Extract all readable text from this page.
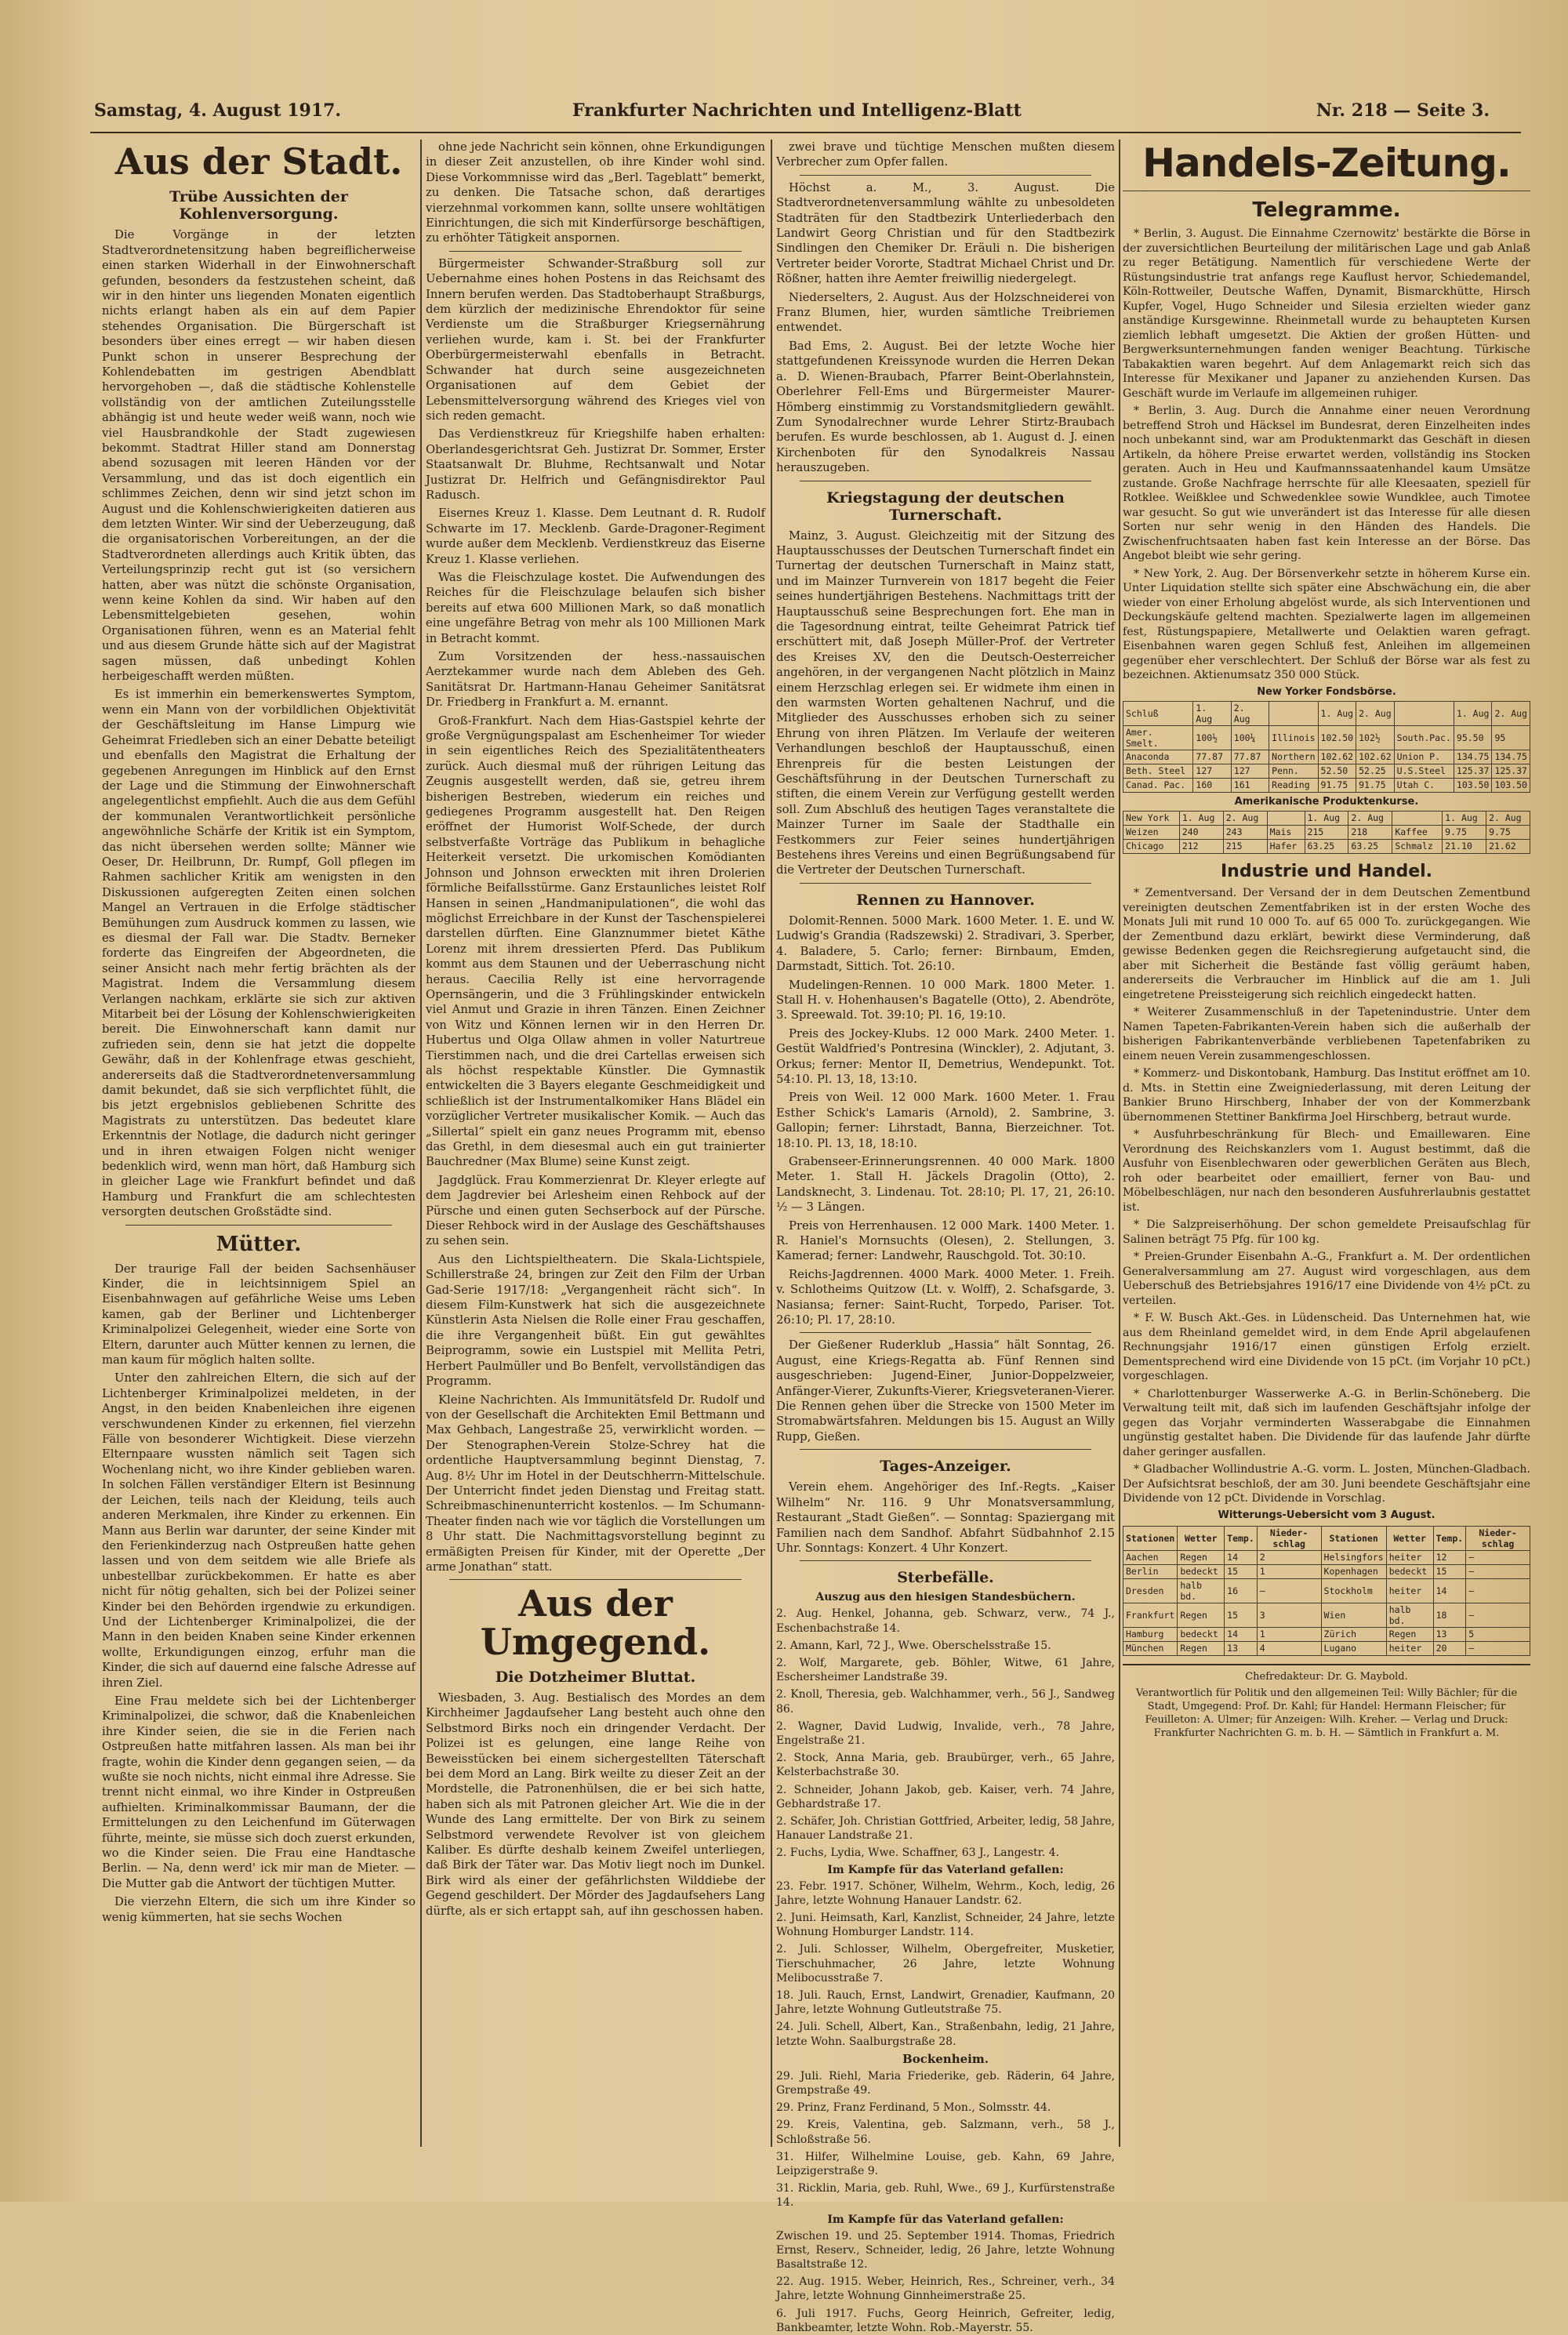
Samstag, 4. August 1917.	Frankfurter Nachrichten und Intelligenz-Blatt	Nr. 218 — Seite 3.
Aus der Stadt.
Trübe Aussichten der Kohlenversorgung.

Die Vorgänge in der letzten Stadtverordnetensitzung haben begreiflicherweise einen starken Widerhall in der Einwohnerschaft gefunden, besonders da festzustehen scheint, daß wir in den hinter uns liegenden Monaten eigentlich nichts erlangt haben als ein auf dem Papier stehendes Organisation. Die Bürgerschaft ist besonders über eines erregt — wir haben diesen Punkt schon in unserer Besprechung der Kohlendebatten im gestrigen Abendblatt hervorgehoben —, daß die städtische Kohlenstelle vollständig von der amtlichen Zuteilungsstelle abhängig ist und heute weder weiß wann, noch wie viel Hausbrandkohle der Stadt zugewiesen bekommt. Stadtrat Hiller stand am Donnerstag abend sozusagen mit leeren Händen vor der Versammlung, und das ist doch eigentlich ein schlimmes Zeichen, denn wir sind jetzt schon im August und die Kohlenschwierigkeiten datieren aus dem letzten Winter. Wir sind der Ueberzeugung, daß die organisatorischen Vorbereitungen, an der die Stadtverordneten allerdings auch Kritik übten, das Verteilungsprinzip recht gut ist (so versichern hatten, aber was nützt die schönste Organisation, wenn keine Kohlen da sind. Wir haben auf den Lebensmittelgebieten gesehen, wohin Organisationen führen, wenn es an Material fehlt und aus diesem Grunde hätte sich auf der Magistrat sagen müssen, daß unbedingt Kohlen herbeigeschafft werden müßten.

Es ist immerhin ein bemerkenswertes Symptom, wenn ein Mann von der vorbildlichen Objektivität der Geschäftsleitung im Hanse Limpurg wie Geheimrat Friedleben sich an einer Debatte beteiligt und ebenfalls den Magistrat die Erhaltung der gegebenen Anregungen im Hinblick auf den Ernst der Lage und die Stimmung der Einwohnerschaft angelegentlichst empfiehlt. Auch die aus dem Gefühl der kommunalen Verantwortlichkeit persönliche angewöhnliche Schärfe der Kritik ist ein Symptom, das nicht übersehen werden sollte; Männer wie Oeser, Dr. Heilbrunn, Dr. Rumpf, Goll pflegen im Rahmen sachlicher Kritik am wenigsten in den Diskussionen aufgeregten Zeiten einen solchen Mangel an Vertrauen in die Erfolge städtischer Bemühungen zum Ausdruck kommen zu lassen, wie es diesmal der Fall war. Die Stadtv. Berneker forderte das Eingreifen der Abgeordneten, die seiner Ansicht nach mehr fertig brächten als der Magistrat. Indem die Versammlung diesem Verlangen nachkam, erklärte sie sich zur aktiven Mitarbeit bei der Lösung der Kohlenschwierigkeiten bereit. Die Einwohnerschaft kann damit nur zufrieden sein, denn sie hat jetzt die doppelte Gewähr, daß in der Kohlenfrage etwas geschieht, andererseits daß die Stadtverordnetenversammlung damit bekundet, daß sie sich verpflichtet fühlt, die bis jetzt ergebnislos gebliebenen Schritte des Magistrats zu unterstützen. Das bedeutet klare Erkenntnis der Notlage, die dadurch nicht geringer und in ihren etwaigen Folgen nicht weniger bedenklich wird, wenn man hört, daß Hamburg sich in gleicher Lage wie Frankfurt befindet und daß Hamburg und Frankfurt die am schlechtesten versorgten deutschen Großstädte sind.

Mütter.

Der traurige Fall der beiden Sachsenhäuser Kinder, die in leichtsinnigem Spiel an Eisenbahnwagen auf gefährliche Weise ums Leben kamen, gab der Berliner und Lichtenberger Kriminalpolizei Gelegenheit, wieder eine Sorte von Eltern, darunter auch Mütter kennen zu lernen, die man kaum für möglich halten sollte.

Unter den zahlreichen Eltern, die sich auf der Lichtenberger Kriminalpolizei meldeten, in der Angst, in den beiden Knabenleichen ihre eigenen verschwundenen Kinder zu erkennen, fiel vierzehn Fälle von besonderer Wichtigkeit. Diese vierzehn Elternpaare wussten nämlich seit Tagen sich Wochenlang nicht, wo ihre Kinder geblieben waren. In solchen Fällen verständiger Eltern ist Besinnung der Leichen, teils nach der Kleidung, teils auch anderen Merkmalen, ihre Kinder zu erkennen. Ein Mann aus Berlin war darunter, der seine Kinder mit den Ferienkinderzug nach Ostpreußen hatte gehen lassen und von dem seitdem wie alle Briefe als unbestellbar zurückbekommen. Er hatte es aber nicht für nötig gehalten, sich bei der Polizei seiner Kinder bei den Behörden irgendwie zu erkundigen. Und der Lichtenberger Kriminalpolizei, die der Mann in den beiden Knaben seine Kinder erkennen wollte, Erkundigungen einzog, erfuhr man die Kinder, die sich auf dauernd eine falsche Adresse auf ihren Ziel.

Eine Frau meldete sich bei der Lichtenberger Kriminalpolizei, die schwor, daß die Knabenleichen ihre Kinder seien, die sie in die Ferien nach Ostpreußen hatte mitfahren lassen. Als man bei ihr fragte, wohin die Kinder denn gegangen seien, — da wußte sie noch nichts, nicht einmal ihre Adresse. Sie trennt nicht einmal, wo ihre Kinder in Ostpreußen aufhielten. Kriminalkommissar Baumann, der die Ermittelungen zu den Leichenfund im Güterwagen führte, meinte, sie müsse sich doch zuerst erkunden, wo die Kinder seien. Die Frau eine Handtasche Berlin. — Na, denn werd' ick mir man de Mieter. — Die Mutter gab die Antwort der tüchtigen Mutter.

Die vierzehn Eltern, die sich um ihre Kinder so wenig kümmerten, hat sie sechs Wochen

ohne jede Nachricht sein können, ohne Erkundigungen in dieser Zeit anzustellen, ob ihre Kinder wohl sind. Diese Vorkommnisse wird das „Berl. Tageblatt“ bemerkt, zu denken. Die Tatsache schon, daß derartiges vierzehnmal vorkommen kann, sollte unsere wohltätigen Einrichtungen, die sich mit Kinderfürsorge beschäftigen, zu erhöhter Tätigkeit anspornen.

Bürgermeister Schwander-Straßburg soll zur Uebernahme eines hohen Postens in das Reichsamt des Innern berufen werden. Das Stadtoberhaupt Straßburgs, dem kürzlich der medizinische Ehrendoktor für seine Verdienste um die Straßburger Kriegsernährung verliehen wurde, kam i. St. bei der Frankfurter Oberbürgermeisterwahl ebenfalls in Betracht. Schwander hat durch seine ausgezeichneten Organisationen auf dem Gebiet der Lebensmittelversorgung während des Krieges viel von sich reden gemacht.

Das Verdienstkreuz für Kriegshilfe haben erhalten: Oberlandesgerichtsrat Geh. Justizrat Dr. Sommer, Erster Staatsanwalt Dr. Bluhme, Rechtsanwalt und Notar Justizrat Dr. Helfrich und Gefängnisdirektor Paul Radusch.

Eisernes Kreuz 1. Klasse. Dem Leutnant d. R. Rudolf Schwarte im 17. Mecklenb. Garde-Dragoner-Regiment wurde außer dem Mecklenb. Verdienstkreuz das Eiserne Kreuz 1. Klasse verliehen.

Was die Fleischzulage kostet. Die Aufwendungen des Reiches für die Fleischzulage belaufen sich bisher bereits auf etwa 600 Millionen Mark, so daß monatlich eine ungefähre Betrag von mehr als 100 Millionen Mark in Betracht kommt.

Zum Vorsitzenden der hess.-nassauischen Aerztekammer wurde nach dem Ableben des Geh. Sanitätsrat Dr. Hartmann-Hanau Geheimer Sanitätsrat Dr. Friedberg in Frankfurt a. M. ernannt.

Groß-Frankfurt. Nach dem Hias-Gastspiel kehrte der große Vergnügungspalast am Eschenheimer Tor wieder in sein eigentliches Reich des Spezialitätentheaters zurück. Auch diesmal muß der rührigen Leitung das Zeugnis ausgestellt werden, daß sie, getreu ihrem bisherigen Bestreben, wiederum ein reiches und gediegenes Programm ausgestellt hat. Den Reigen eröffnet der Humorist Wolf-Schede, der durch selbstverfaßte Vorträge das Publikum in behagliche Heiterkeit versetzt. Die urkomischen Komödianten Johnson und Johnson erweckten mit ihren Drolerien förmliche Beifallsstürme. Ganz Erstaunliches leistet Rolf Hansen in seinen „Handmanipulationen“, die wohl das möglichst Erreichbare in der Kunst der Taschenspielerei darstellen dürften. Eine Glanznummer bietet Käthe Lorenz mit ihrem dressierten Pferd. Das Publikum kommt aus dem Staunen und der Ueberraschung nicht heraus. Caecilia Relly ist eine hervorragende Opernsängerin, und die 3 Frühlingskinder entwickeln viel Anmut und Grazie in ihren Tänzen. Einen Zeichner von Witz und Können lernen wir in den Herren Dr. Hubertus und Olga Ollaw ahmen in voller Naturtreue Tierstimmen nach, und die drei Cartellas erweisen sich als höchst respektable Künstler. Die Gymnastik entwickelten die 3 Bayers elegante Geschmeidigkeit und schließlich ist der Instrumentalkomiker Hans Blädel ein vorzüglicher Vertreter musikalischer Komik. — Auch das „Sillertal“ spielt ein ganz neues Programm mit, ebenso das Grethl, in dem diesesmal auch ein gut trainierter Bauchredner (Max Blume) seine Kunst zeigt.

Jagdglück. Frau Kommerzienrat Dr. Kleyer erlegte auf dem Jagdrevier bei Arlesheim einen Rehbock auf der Pürsche und einen guten Sechserbock auf der Pürsche. Dieser Rehbock wird in der Auslage des Geschäftshauses zu sehen sein.

Aus den Lichtspieltheatern. Die Skala-Lichtspiele, Schillerstraße 24, bringen zur Zeit den Film der Urban Gad-Serie 1917/18: „Vergangenheit rächt sich“. In diesem Film-Kunstwerk hat sich die ausgezeichnete Künstlerin Asta Nielsen die Rolle einer Frau geschaffen, die ihre Vergangenheit büßt. Ein gut gewähltes Beiprogramm, sowie ein Lustspiel mit Mellita Petri, Herbert Paulmüller und Bo Benfelt, vervollständigen das Programm.

Kleine Nachrichten. Als Immunitätsfeld Dr. Rudolf und von der Gesellschaft die Architekten Emil Bettmann und Max Gehbach, Langestraße 25, verwirklicht worden. — Der Stenographen-Verein Stolze-Schrey hat die ordentliche Hauptversammlung beginnt Dienstag, 7. Aug. 8½ Uhr im Hotel in der Deutschherrn-Mittelschule. Der Unterricht findet jeden Dienstag und Freitag statt. Schreibmaschinenunterricht kostenlos. — Im Schumann-Theater finden nach wie vor täglich die Vorstellungen um 8 Uhr statt. Die Nachmittagsvorstellung beginnt zu ermäßigten Preisen für Kinder, mit der Operette „Der arme Jonathan“ statt.

Aus der Umgegend.
Die Dotzheimer Bluttat.

Wiesbaden, 3. Aug. Bestialisch des Mordes an dem Kirchheimer Jagdaufseher Lang besteht auch ohne den Selbstmord Birks noch ein dringender Verdacht. Der Polizei ist es gelungen, eine lange Reihe von Beweisstücken bei einem sichergestellten Täterschaft bei dem Mord an Lang. Birk weilte zu dieser Zeit an der Mordstelle, die Patronenhülsen, die er bei sich hatte, haben sich als mit Patronen gleicher Art. Wie die in der Wunde des Lang ermittelte. Der von Birk zu seinem Selbstmord verwendete Revolver ist von gleichem Kaliber. Es dürfte deshalb keinem Zweifel unterliegen, daß Birk der Täter war. Das Motiv liegt noch im Dunkel. Birk wird als einer der gefährlichsten Wilddiebe der Gegend geschildert. Der Mörder des Jagdaufsehers Lang dürfte, als er sich ertappt sah, auf ihn geschossen haben.

zwei brave und tüchtige Menschen mußten diesem Verbrecher zum Opfer fallen.

Höchst a. M., 3. August. Die Stadtverordnetenversammlung wählte zu unbesoldeten Stadträten für den Stadtbezirk Unterliederbach den Landwirt Georg Christian und für den Stadtbezirk Sindlingen den Chemiker Dr. Eräuli n. Die bisherigen Vertreter beider Vororte, Stadtrat Michael Christ und Dr. Rößner, hatten ihre Aemter freiwillig niedergelegt.

Niederselters, 2. August. Aus der Holzschneiderei von Franz Blumen, hier, wurden sämtliche Treibriemen entwendet.

Bad Ems, 2. August. Bei der letzte Woche hier stattgefundenen Kreissynode wurden die Herren Dekan a. D. Wienen-Braubach, Pfarrer Beint-Oberlahnstein, Oberlehrer Fell-Ems und Bürgermeister Maurer-Hömberg einstimmig zu Vorstandsmitgliedern gewählt. Zum Synodalrechner wurde Lehrer Stirtz-Braubach berufen. Es wurde beschlossen, ab 1. August d. J. einen Kirchenboten für den Synodalkreis Nassau herauszugeben.

Kriegstagung der deutschen Turnerschaft.

Mainz, 3. August. Gleichzeitig mit der Sitzung des Hauptausschusses der Deutschen Turnerschaft findet ein Turnertag der deutschen Turnerschaft in Mainz statt, und im Mainzer Turnverein von 1817 begeht die Feier seines hundertjährigen Bestehens. Nachmittags tritt der Hauptausschuß seine Besprechungen fort. Ehe man in die Tagesordnung eintrat, teilte Geheimrat Patrick tief erschüttert mit, daß Joseph Müller-Prof. der Vertreter des Kreises XV, den die Deutsch-Oesterreicher angehören, in der vergangenen Nacht plötzlich in Mainz einem Herzschlag erlegen sei. Er widmete ihm einen in den warmsten Worten gehaltenen Nachruf, und die Mitglieder des Ausschusses erhoben sich zu seiner Ehrung von ihren Plätzen. Im Verlaufe der weiteren Verhandlungen beschloß der Hauptausschuß, einen Ehrenpreis für die besten Leistungen der Geschäftsführung in der Deutschen Turnerschaft zu stiften, die einem Verein zur Verfügung gestellt werden soll. Zum Abschluß des heutigen Tages veranstaltete die Mainzer Turner im Saale der Stadthalle ein Festkommers zur Feier seines hundertjährigen Bestehens ihres Vereins und einen Begrüßungsabend für die Vertreter der Deutschen Turnerschaft.

Rennen zu Hannover.

Dolomit-Rennen. 5000 Mark. 1600 Meter. 1. E. und W. Ludwig's Grandia (Radszewski) 2. Stradivari, 3. Sperber, 4. Baladere, 5. Carlo; ferner: Birnbaum, Emden, Darmstadt, Sittich. Tot. 26:10.

Mudelingen-Rennen. 10 000 Mark. 1800 Meter. 1. Stall H. v. Hohenhausen's Bagatelle (Otto), 2. Abendröte, 3. Spreewald. Tot. 39:10; Pl. 16, 19:10.

Preis des Jockey-Klubs. 12 000 Mark. 2400 Meter. 1. Gestüt Waldfried's Pontresina (Winckler), 2. Adjutant, 3. Orkus; ferner: Mentor II, Demetrius, Wendepunkt. Tot. 54:10. Pl. 13, 18, 13:10.

Preis von Weil. 12 000 Mark. 1600 Meter. 1. Frau Esther Schick's Lamaris (Arnold), 2. Sambrine, 3. Gallopin; ferner: Lihrstadt, Banna, Bierzeichner. Tot. 18:10. Pl. 13, 18, 18:10.

Grabenseer-Erinnerungsrennen. 40 000 Mark. 1800 Meter. 1. Stall H. Jäckels Dragolin (Otto), 2. Landsknecht, 3. Lindenau. Tot. 28:10; Pl. 17, 21, 26:10. ½ — 3 Längen.

Preis von Herrenhausen. 12 000 Mark. 1400 Meter. 1. R. Haniel's Mornsuchts (Olesen), 2. Stellungen, 3. Kamerad; ferner: Landwehr, Rauschgold. Tot. 30:10.

Reichs-Jagdrennen. 4000 Mark. 4000 Meter. 1. Freih. v. Schlotheims Quitzow (Lt. v. Wolff), 2. Schafsgarde, 3. Nasiansa; ferner: Saint-Rucht, Torpedo, Pariser. Tot. 26:10; Pl. 17, 28:10.

Der Gießener Ruderklub „Hassia“ hält Sonntag, 26. August, eine Kriegs-Regatta ab. Fünf Rennen sind ausgeschrieben: Jugend-Einer, Junior-Doppelzweier, Anfänger-Vierer, Zukunfts-Vierer, Kriegsveteranen-Vierer. Die Rennen gehen über die Strecke von 1500 Meter im Stromabwärtsfahren. Meldungen bis 15. August an Willy Rupp, Gießen.

Tages-Anzeiger.

Verein ehem. Angehöriger des Inf.-Regts. „Kaiser Wilhelm“ Nr. 116. 9 Uhr Monatsversammlung, Restaurant „Stadt Gießen“. — Sonntag: Spaziergang mit Familien nach dem Sandhof. Abfahrt Südbahnhof 2.15 Uhr. Sonntags: Konzert. 4 Uhr Konzert.

Sterbefälle.
Auszug aus den hiesigen Standesbüchern.

2. Aug. Henkel, Johanna, geb. Schwarz, verw., 74 J., Eschenbachstraße 14.

2. Amann, Karl, 72 J., Wwe. Oberschelsstraße 15.

2. Wolf, Margarete, geb. Böhler, Witwe, 61 Jahre, Eschersheimer Landstraße 39.

2. Knoll, Theresia, geb. Walchhammer, verh., 56 J., Sandweg 86.

2. Wagner, David Ludwig, Invalide, verh., 78 Jahre, Engelstraße 21.

2. Stock, Anna Maria, geb. Braubürger, verh., 65 Jahre, Kelsterbachstraße 30.

2. Schneider, Johann Jakob, geb. Kaiser, verh. 74 Jahre, Gebhardstraße 17.

2. Schäfer, Joh. Christian Gottfried, Arbeiter, ledig, 58 Jahre, Hanauer Landstraße 21.

2. Fuchs, Lydia, Wwe. Schaffner, 63 J., Langestr. 4.

Im Kampfe für das Vaterland gefallen:

23. Febr. 1917. Schöner, Wilhelm, Wehrm., Koch, ledig, 26 Jahre, letzte Wohnung Hanauer Landstr. 62.

2. Juni. Heimsath, Karl, Kanzlist, Schneider, 24 Jahre, letzte Wohnung Homburger Landstr. 114.

2. Juli. Schlosser, Wilhelm, Obergefreiter, Musketier, Tierschuhmacher, 26 Jahre, letzte Wohnung Melibocusstraße 7.

18. Juli. Rauch, Ernst, Landwirt, Grenadier, Kaufmann, 20 Jahre, letzte Wohnung Gutleutstraße 75.

24. Juli. Schell, Albert, Kan., Straßenbahn, ledig, 21 Jahre, letzte Wohn. Saalburgstraße 28.

Bockenheim.

29. Juli. Riehl, Maria Friederike, geb. Räderin, 64 Jahre, Grempstraße 49.

29. Prinz, Franz Ferdinand, 5 Mon., Solmsstr. 44.

29. Kreis, Valentina, geb. Salzmann, verh., 58 J., Schloßstraße 56.

31. Hilfer, Wilhelmine Louise, geb. Kahn, 69 Jahre, Leipzigerstraße 9.

31. Ricklin, Maria, geb. Ruhl, Wwe., 69 J., Kurfürstenstraße 14.

Im Kampfe für das Vaterland gefallen:

Zwischen 19. und 25. September 1914. Thomas, Friedrich Ernst, Reserv., Schneider, ledig, 26 Jahre, letzte Wohnung Basaltstraße 12.

22. Aug. 1915. Weber, Heinrich, Res., Schreiner, verh., 34 Jahre, letzte Wohnung Ginnheimerstraße 25.

6. Juli 1917. Fuchs, Georg Heinrich, Gefreiter, ledig, Bankbeamter, letzte Wohn. Rob.-Mayerstr. 55.

Handels-Zeitung.
Telegramme.

* Berlin, 3. August. Die Einnahme Czernowitz' bestärkte die Börse in der zuversichtlichen Beurteilung der militärischen Lage und gab Anlaß zu reger Betätigung. Namentlich für verschiedene Werte der Rüstungsindustrie trat anfangs rege Kauflust hervor, Schiedemandel, Köln-Rottweiler, Deutsche Waffen, Dynamit, Bismarckhütte, Hirsch Kupfer, Vogel, Hugo Schneider und Silesia erzielten wieder ganz anständige Kursgewinne. Rheinmetall wurde zu behaupteten Kursen ziemlich lebhaft umgesetzt. Die Aktien der großen Hütten- und Bergwerksunternehmungen fanden weniger Beachtung. Türkische Tabakaktien waren begehrt. Auf dem Anlagemarkt reich sich das Interesse für Mexikaner und Japaner zu anziehenden Kursen. Das Geschäft wurde im Verlaufe im allgemeinen ruhiger.

* Berlin, 3. Aug. Durch die Annahme einer neuen Verordnung betreffend Stroh und Häcksel im Bundesrat, deren Einzelheiten indes noch unbekannt sind, war am Produktenmarkt das Geschäft in diesen Artikeln, da höhere Preise erwartet werden, vollständig ins Stocken geraten. Auch in Heu und Kaufmannssaatenhandel kaum Umsätze zustande. Große Nachfrage herrschte für alle Kleesaaten, speziell für Rotklee. Weißklee und Schwedenklee sowie Wundklee, auch Timotee war gesucht. So gut wie unverändert ist das Interesse für alle diesen Sorten nur sehr wenig in den Händen des Handels. Die Zwischenfruchtsaaten haben fast kein Interesse an der Börse. Das Angebot bleibt wie sehr gering.

* New York, 2. Aug. Der Börsenverkehr setzte in höherem Kurse ein. Unter Liquidation stellte sich später eine Abschwächung ein, die aber wieder von einer Erholung abgelöst wurde, als sich Interventionen und Deckungskäufe geltend machten. Spezialwerte lagen im allgemeinen fest, Rüstungspapiere, Metallwerte und Oelaktien waren gefragt. Eisenbahnen waren gegen Schluß fest, Anleihen im allgemeinen gegenüber eher verschlechtert. Der Schluß der Börse war als fest zu bezeichnen. Aktienumsatz 350 000 Stück.

New Yorker Fondsbörse.
Schluß	1. Aug	2. Aug		1. Aug	2. Aug		1. Aug	2. Aug
Amer. Smelt.	100½	100¼	Illinois	102.50	102½	South.Pac.	95.50	95
Anaconda	77.87	77.87	Northern	102.62	102.62	Union P.	134.75	134.75
Beth. Steel	127	127	Penn.	52.50	52.25	U.S.Steel	125.37	125.37
Canad. Pac.	160	161	Reading	91.75	91.75	Utah C.	103.50	103.50
Amerikanische Produktenkurse.
New York	1. Aug	2. Aug		1. Aug	2. Aug		1. Aug	2. Aug
Weizen	240	243	Mais	215	218	Kaffee	9.75	9.75
Chicago	212	215	Hafer	63.25	63.25	Schmalz	21.10	21.62
Industrie und Handel.

* Zementversand. Der Versand der in dem Deutschen Zementbund vereinigten deutschen Zementfabriken ist in der ersten Woche des Monats Juli mit rund 10 000 To. auf 65 000 To. zurückgegangen. Wie der Zementbund dazu erklärt, bewirkt diese Verminderung, daß gewisse Bedenken gegen die Reichsregierung aufgetaucht sind, die aber mit Sicherheit die Bestände fast völlig geräumt haben, andererseits die Verbraucher im Hinblick auf die am 1. Juli eingetretene Preissteigerung sich reichlich eingedeckt hatten.

* Weiterer Zusammenschluß in der Tapetenindustrie. Unter dem Namen Tapeten-Fabrikanten-Verein haben sich die außerhalb der bisherigen Fabrikantenverbände verbliebenen Tapetenfabriken zu einem neuen Verein zusammengeschlossen.

* Kommerz- und Diskontobank, Hamburg. Das Institut eröffnet am 10. d. Mts. in Stettin eine Zweigniederlassung, mit deren Leitung der Bankier Bruno Hirschberg, Inhaber der von der Kommerzbank übernommenen Stettiner Bankfirma Joel Hirschberg, betraut wurde.

* Ausfuhrbeschränkung für Blech- und Emaillewaren. Eine Verordnung des Reichskanzlers vom 1. August bestimmt, daß die Ausfuhr von Eisenblechwaren oder gewerblichen Geräten aus Blech, roh oder bearbeitet oder emailliert, ferner von Bau- und Möbelbeschlägen, nur nach den besonderen Ausfuhrerlaubnis gestattet ist.

* Die Salzpreiserhöhung. Der schon gemeldete Preisaufschlag für Salinen beträgt 75 Pfg. für 100 kg.

* Preien-Grunder Eisenbahn A.-G., Frankfurt a. M. Der ordentlichen Generalversammlung am 27. August wird vorgeschlagen, aus dem Ueberschuß des Betriebsjahres 1916/17 eine Dividende von 4½ pCt. zu verteilen.

* F. W. Busch Akt.-Ges. in Lüdenscheid. Das Unternehmen hat, wie aus dem Rheinland gemeldet wird, in dem Ende April abgelaufenen Rechnungsjahr 1916/17 einen günstigen Erfolg erzielt. Dementsprechend wird eine Dividende von 15 pCt. (im Vorjahr 10 pCt.) vorgeschlagen.

* Charlottenburger Wasserwerke A.-G. in Berlin-Schöneberg. Die Verwaltung teilt mit, daß sich im laufenden Geschäftsjahr infolge der gegen das Vorjahr verminderten Wasserabgabe die Einnahmen ungünstig gestaltet haben. Die Dividende für das laufende Jahr dürfte daher geringer ausfallen.

* Gladbacher Wollindustrie A.-G. vorm. L. Josten, München-Gladbach. Der Aufsichtsrat beschloß, der am 30. Juni beendete Geschäftsjahr eine Dividende von 12 pCt. Dividende in Vorschlag.

Witterungs-Uebersicht vom 3 August.
Stationen	Wetter	Temp.	Nieder-schlag	Stationen	Wetter	Temp.	Nieder-schlag
Aachen	Regen	14	2	Helsingfors	heiter	12	—
Berlin	bedeckt	15	1	Kopenhagen	bedeckt	15	—
Dresden	halb bd.	16	—	Stockholm	heiter	14	—
Frankfurt	Regen	15	3	Wien	halb bd.	18	—
Hamburg	bedeckt	14	1	Zürich	Regen	13	5
München	Regen	13	4	Lugano	heiter	20	—

Chefredakteur: Dr. G. Maybold.

Verantwortlich für Politik und den allgemeinen Teil: Willy Bächler; für die Stadt, Umgegend: Prof. Dr. Kahl; für Handel: Hermann Fleischer; für Feuilleton: A. Ulmer; für Anzeigen: Wilh. Kreher. — Verlag und Druck: Frankfurter Nachrichten G. m. b. H. — Sämtlich in Frankfurt a. M.
